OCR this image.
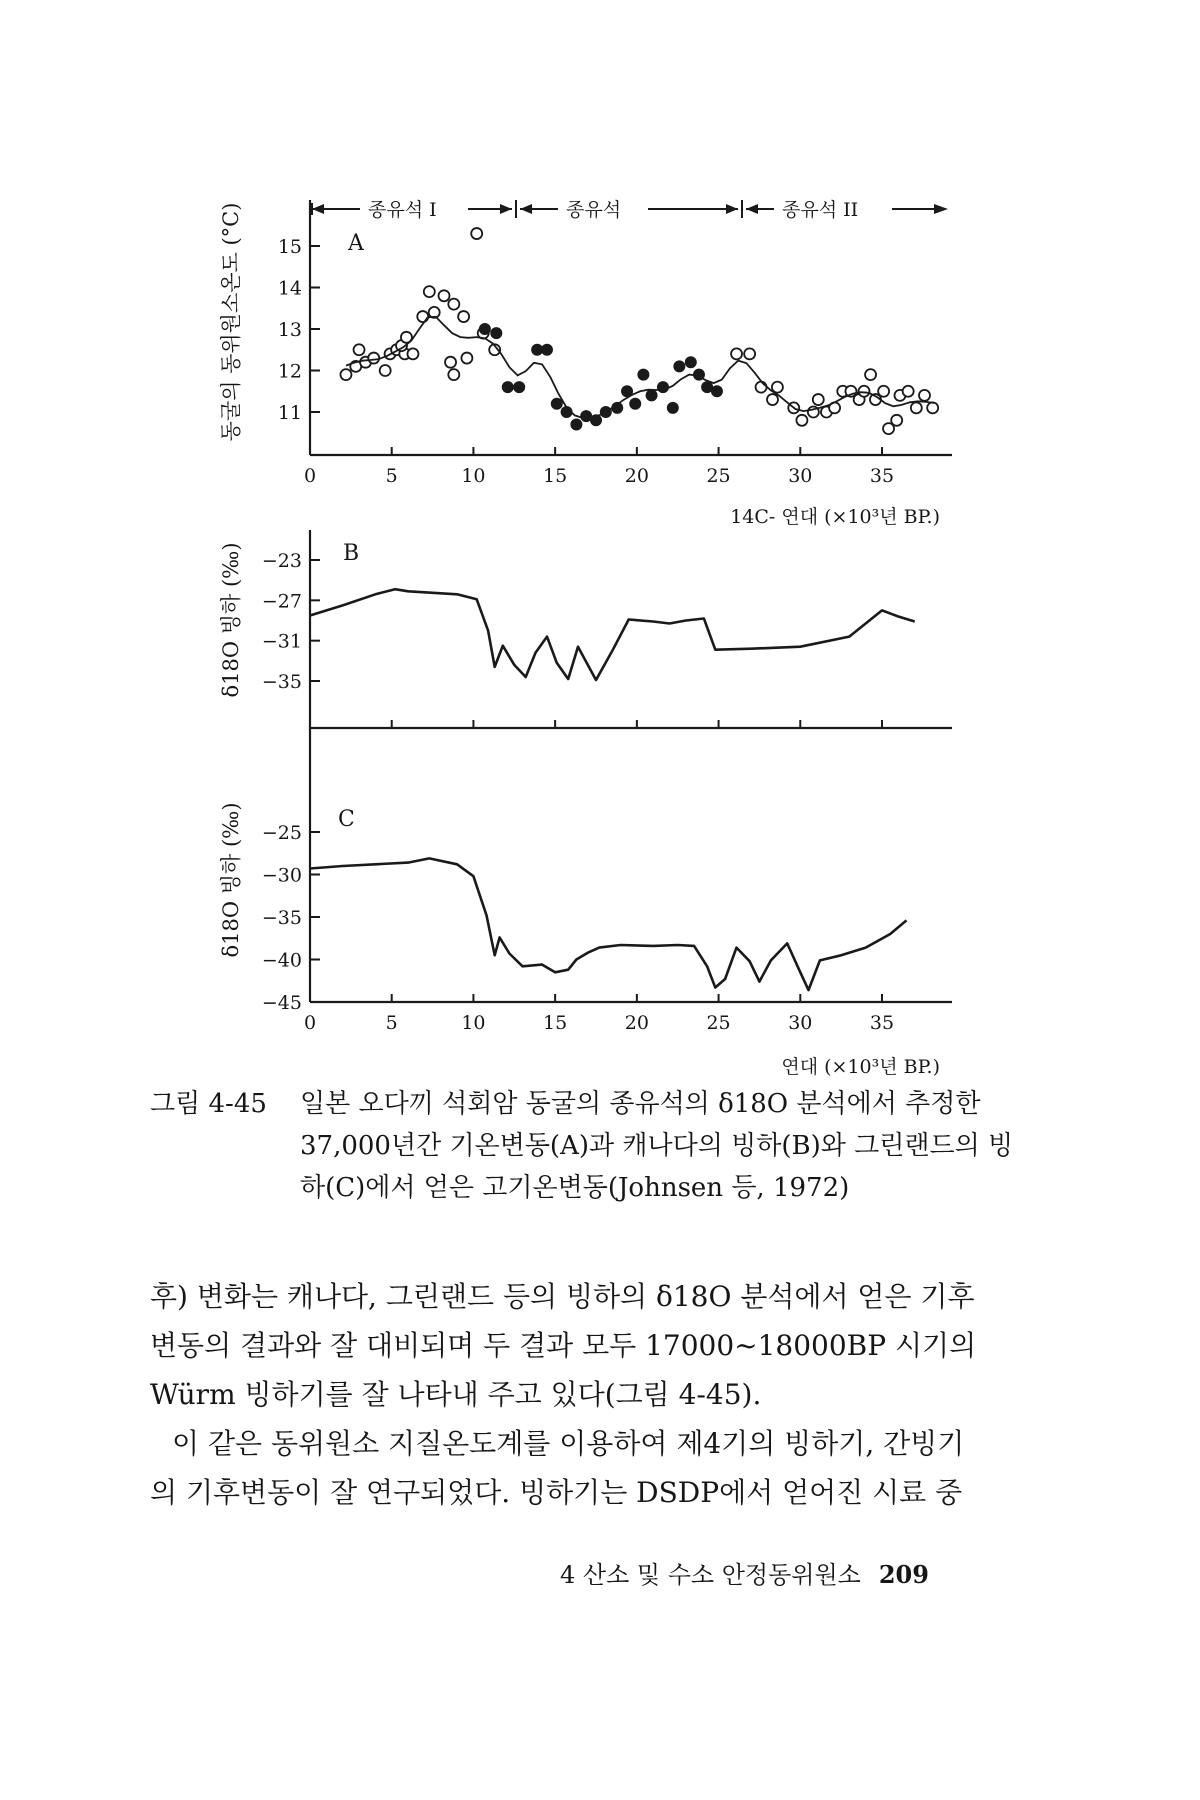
동굴의 동위원소온도 (°C)	A
종유석 I	종유석	종유석 II
11
12
13
14
15
0	5	10	15	20	25	30	35
14C- 연대 (×10³년 BP.)
δ18O 빙하 (‰)	B
−23
−27
−31
−35
δ18O 빙하 (‰)	C
−25
−30
−35
−40
−45
0	5	10	15	20	25	30	35
연대 (×10³년 BP.)
그림 4-45	일본 오다끼 석회암 동굴의 종유석의 δ18O 분석에서 추정한
37,000년간 기온변동(A)과 캐나다의 빙하(B)와 그린랜드의 빙
하(C)에서 얻은 고기온변동(Johnsen 등, 1972)

후) 변화는 캐나다, 그린랜드 등의 빙하의 δ18O 분석에서 얻은 기후
변동의 결과와 잘 대비되며 두 결과 모두 17000~18000BP 시기의
Würm 빙하기를 잘 나타내 주고 있다(그림 4-45).

이 같은 동위원소 지질온도계를 이용하여 제4기의 빙하기, 간빙기

의 기후변동이 잘 연구되었다. 빙하기는 DSDP에서 얻어진 시료 중

4 산소 및 수소 안정동위원소 209
